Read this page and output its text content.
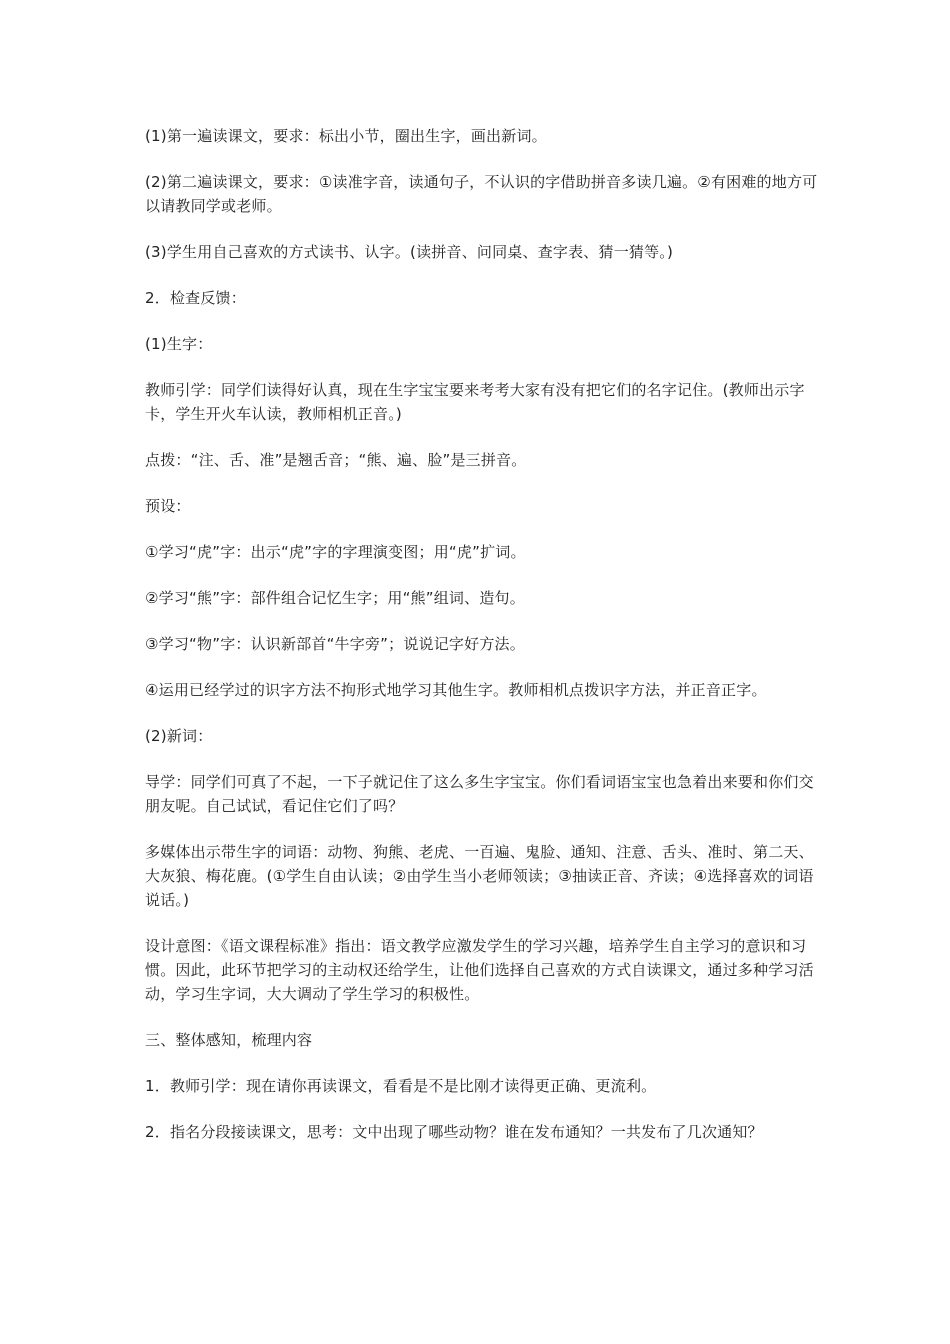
(1)第一遍读课文，要求：标出小节，圈出生字，画出新词。

(2)第二遍读课文，要求：①读准字音，读通句子，不认识的字借助拼音多读几遍。②有困难的地方可以请教同学或老师。

(3)学生用自己喜欢的方式读书、认字。(读拼音、问同桌、查字表、猜一猜等。)

2．检查反馈：

(1)生字：

教师引学：同学们读得好认真，现在生字宝宝要来考考大家有没有把它们的名字记住。(教师出示字卡，学生开火车认读，教师相机正音。)

点拨：“注、舌、准”是翘舌音；“熊、遍、脸”是三拼音。

预设：

①学习“虎”字：出示“虎”字的字理演变图；用“虎”扩词。

②学习“熊”字：部件组合记忆生字；用“熊”组词、造句。

③学习“物”字：认识新部首“牛字旁”；说说记字好方法。

④运用已经学过的识字方法不拘形式地学习其他生字。教师相机点拨识字方法，并正音正字。

(2)新词：

导学：同学们可真了不起，一下子就记住了这么多生字宝宝。你们看词语宝宝也急着出来要和你们交朋友呢。自己试试，看记住它们了吗？

多媒体出示带生字的词语：动物、狗熊、老虎、一百遍、鬼脸、通知、注意、舌头、准时、第二天、大灰狼、梅花鹿。(①学生自由认读；②由学生当小老师领读；③抽读正音、齐读；④选择喜欢的词语说话。)

设计意图：《语文课程标准》指出：语文教学应激发学生的学习兴趣，培养学生自主学习的意识和习惯。因此，此环节把学习的主动权还给学生，让他们选择自己喜欢的方式自读课文，通过多种学习活动，学习生字词，大大调动了学生学习的积极性。

三、整体感知，梳理内容

1．教师引学：现在请你再读课文，看看是不是比刚才读得更正确、更流利。

2．指名分段接读课文，思考：文中出现了哪些动物？谁在发布通知？一共发布了几次通知？
